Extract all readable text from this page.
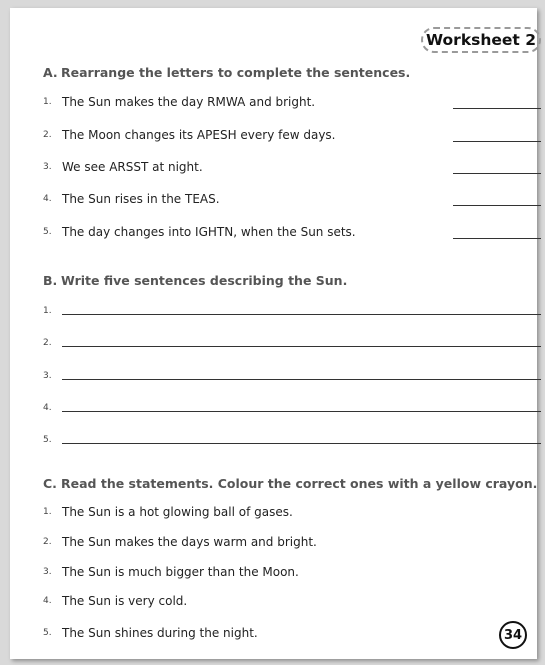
Worksheet 2
A. Rearrange the letters to complete the sentences.
1. The Sun makes the day RMWA and bright.
2. The Moon changes its APESH every few days.
3. We see ARSST at night.
4. The Sun rises in the TEAS.
5. The day changes into IGHTN, when the Sun sets.
B. Write five sentences describing the Sun.
1.
2.
3.
4.
5.
C. Read the statements. Colour the correct ones with a yellow crayon.
1. The Sun is a hot glowing ball of gases.
2. The Sun makes the days warm and bright.
3. The Sun is much bigger than the Moon.
4. The Sun is very cold.
5. The Sun shines during the night.	34
